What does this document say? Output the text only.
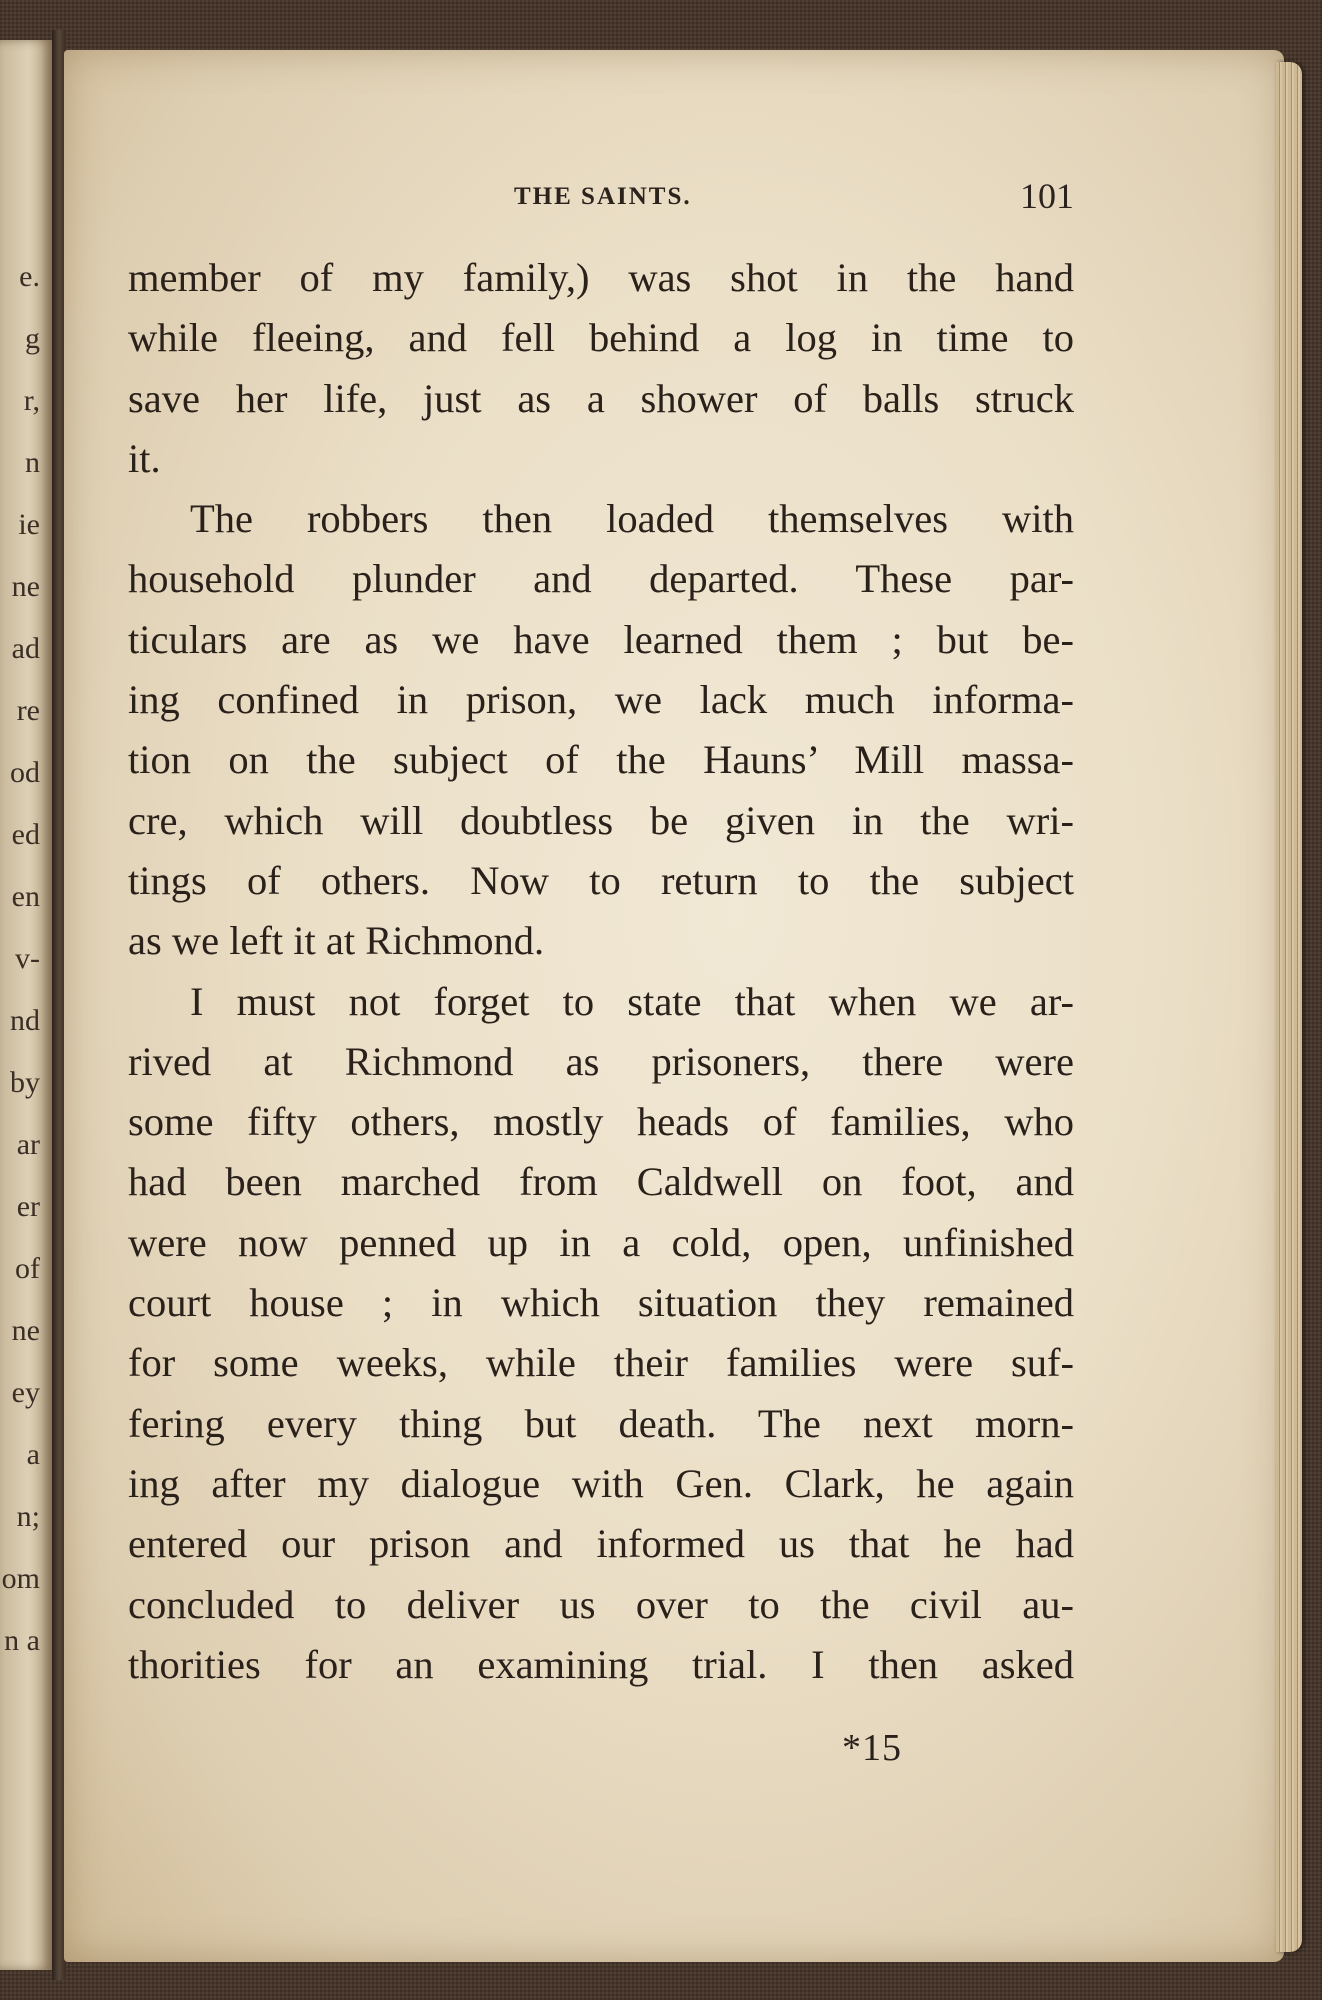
e.
g
r,
n
ie
ne
ad
re
od
ed
en
v-
nd
by
ar
er
of
ne
ey
a
n;
om
n a
THE SAINTS.	101
member of my family,) was shot in the hand
while fleeing, and fell behind a log in time to
save her life, just as a shower of balls struck
it.
The robbers then loaded themselves with
household plunder and departed. These par-
ticulars are as we have learned them ; but be-
ing confined in prison, we lack much informa-
tion on the subject of the Hauns’ Mill massa-
cre, which will doubtless be given in the wri-
tings of others. Now to return to the subject
as we left it at Richmond.
I must not forget to state that when we ar-
rived at Richmond as prisoners, there were
some fifty others, mostly heads of families, who
had been marched from Caldwell on foot, and
were now penned up in a cold, open, unfinished
court house ; in which situation they remained
for some weeks, while their families were suf-
fering every thing but death. The next morn-
ing after my dialogue with Gen. Clark, he again
entered our prison and informed us that he had
concluded to deliver us over to the civil au-
thorities for an examining trial. I then asked
*15
